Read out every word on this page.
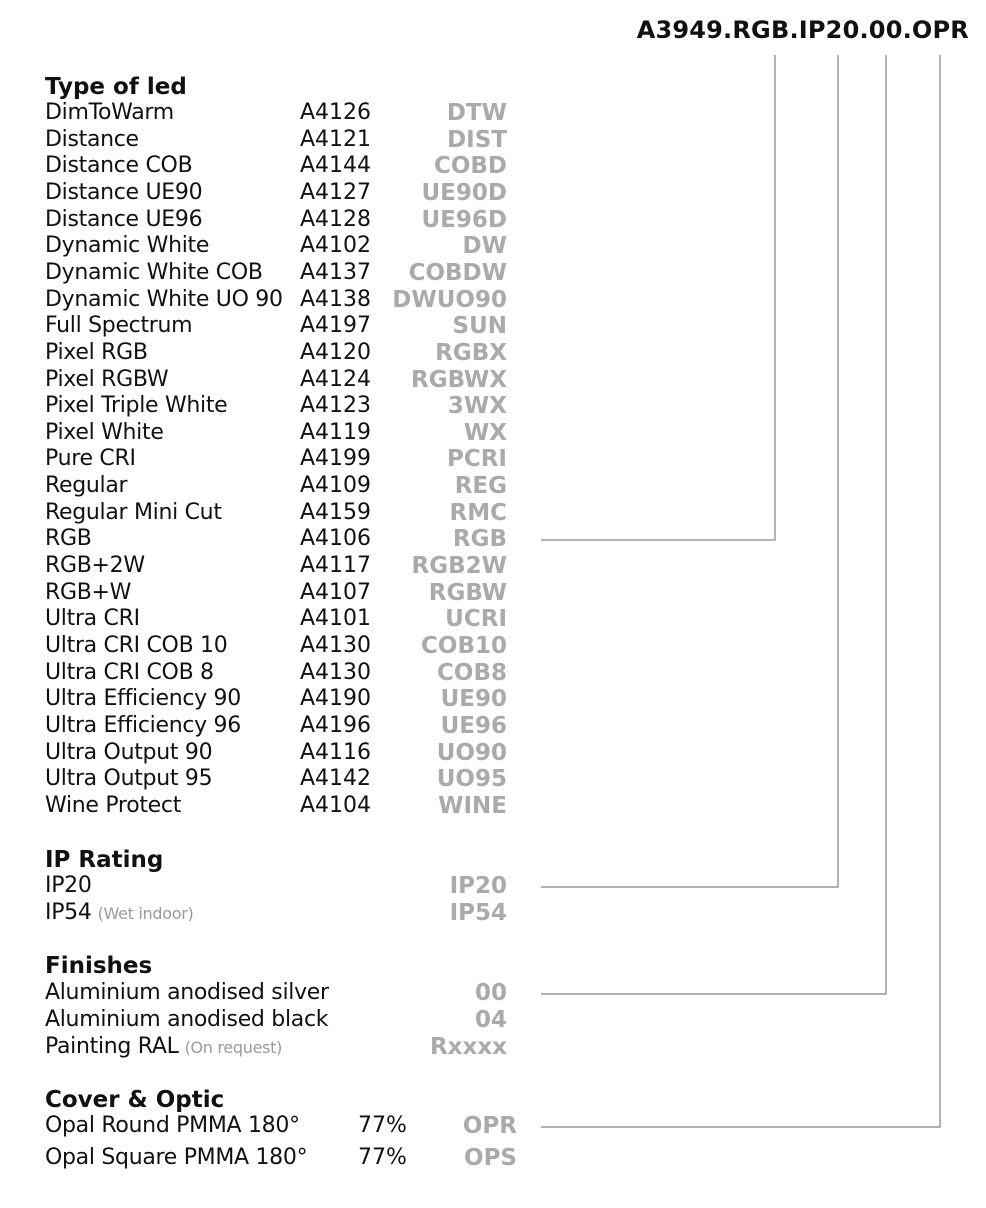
A3949.RGB.IP20.00.OPR
Type of led
DimToWarm	A4126	DTW
Distance	A4121	DIST
Distance COB	A4144	COBD
Distance UE90	A4127 UE90D
Distance UE96	A4128 UE96D
Dynamic White	A4102	DW
Dynamic White COB A4137 COBDW
Dynamic White UO 90 A4138 DWUO90
Full Spectrum	A4197	SUN
Pixel RGB	A4120	RGBX
Pixel RGBW	A4124 RGBWX
Pixel Triple White	A4123	3WX
Pixel White	A4119	WX
Pure CRI	A4199	PCRI
Regular	A4109	REG
Regular Mini Cut	A4159	RMC
RGB	A4106	RGB
RGB+2W	A4117 RGB2W
RGB+W	A4107	RGBW
Ultra CRI	A4101	UCRI
Ultra CRI COB 10	A4130 COB10
Ultra CRI COB 8	A4130	COB8
Ultra Efficiency 90	A4190	UE90
Ultra Efficiency 96	A4196	UE96
Ultra Output 90	A4116	UO90
Ultra Output 95	A4142	UO95
Wine Protect	A4104	WINE
IP Rating
IP20	IP20
IP54 (Wet indoor)	IP54
Finishes
Aluminium anodised silver	00
Aluminium anodised black	04
Painting RAL (On request)	Rxxxx
Cover & Optic
Opal Round PMMA 180°	77% OPR
Opal Square PMMA 180° 77% OPS
